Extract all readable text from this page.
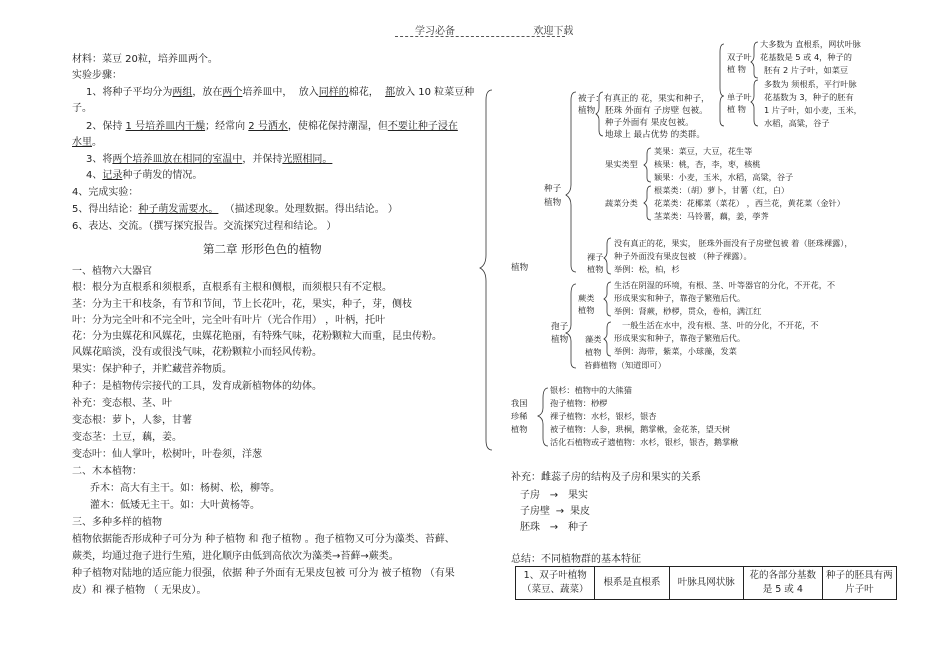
学习必备	欢迎下载
材料：菜豆 20粒，培养皿两个。
实验步骤：
1、将种子平均分为两组，放在两个培养皿中， 放入同样的棉花， 都放入 10 粒菜豆种
子。
2、保持 1 号培养皿内干燥；经常向 2 号洒水，使棉花保持潮湿，但不要让种子浸在
水里。
3、将两个培养皿放在相同的室温中，并保持光照相同。
4、记录种子萌发的情况。
4、完成实验：
5、得出结论：种子萌发需要水。 （描述现象。处理数据。得出结论。 ）
6、表达、交流。（撰写探究报告。交流探究过程和结论。 ）
第二章 形形色色的植物
一、植物六大器官
根：根分为直根系和须根系，直根系有主根和侧根，而须根只有不定根。
茎：分为主干和枝条，有节和节间，节上长花叶，花，果实，种子，芽，侧枝
叶：分为完全叶和不完全叶，完全叶有叶片（光合作用） ，叶柄，托叶
花：分为虫媒花和风媒花，虫媒花艳丽，有特殊气味，花粉颗粒大而重，昆虫传粉。
风媒花暗淡，没有或很浅气味，花粉颗粒小而轻风传粉。
果实：保护种子，并贮藏营养物质。
种子：是植物传宗接代的工具，发育成新植物体的幼体。
补充：变态根、茎、叶
变态根：萝卜，人参，甘薯
变态茎：土豆，藕，姜。
变态叶：仙人掌叶，松树叶，叶卷须，洋葱
二、木本植物：
乔木：高大有主干。如：杨树、松，柳等。
灌木：低矮无主干。如：大叶黄杨等。
三、多种多样的植物
植物依据能否形成种子可分为 种子植物 和 孢子植物 。孢子植物又可分为藻类、苔藓、
蕨类，均通过孢子进行生殖，进化顺序由低到高依次为藻类→苔藓→蕨类。
种子植物对陆地的适应能力很强，依据 种子外面有无果皮包被 可分为 被子植物 （有果
皮）和 裸子植物 （ 无果皮）。
植物
种子
植物
被子：有真正的 花，果实和种子，
植物 胚珠 外面有 子房壁 包被。
种子外面有 果皮包被。
地球上 最占优势 的类群。
双子叶
植 物
大多数为 直根系，网状叶脉
花基数是 5 或 4，种子的
胚有 2 片子叶，如菜豆
单子叶
植 物
多数为 须根系，平行叶脉
花基数为 3，种子的胚有
1 片子叶，如小麦，玉米，
水稻，高粱，谷子
果实类型
荚果：菜豆，大豆，花生等
核果：桃，杏，李，枣，核桃
颖果：小麦，玉米，水稻，高粱，谷子
蔬菜分类
根菜类：（胡）萝卜，甘薯（红，白）
花菜类：花椰菜（菜花） ，西兰花，黄花菜（金针）
茎菜类：马铃薯，藕，姜，荸荠
裸子
植物
没有真正的花，果实， 胚珠外面没有子房壁包被 着（胚珠裸露），
种子外面没有果皮包被 （种子裸露）。
举例：松，柏，杉
蕨类
植物
生活在阴湿的环境，有根、茎、叶等器官的分化，不开花，不
形成果实和种子，靠孢子繁殖后代。
举例：肾蕨，桫椤，贯众，卷柏，满江红
孢子
植物 藻类
植物
一般生活在水中，没有根、茎、叶的分化，不开花，不
形成果实和种子，靠孢子繁殖后代。
举例：海带，紫菜，小球藻，发菜
苔藓植物（知道即可）
我国
珍稀
植物
银杉：植物中的大熊猫
孢子植物：桫椤
裸子植物：水杉，银杉，银杏
被子植物：人参，珙桐，鹅掌楸，金花茶，望天树
活化石植物或孑遗植物：水杉，银杉，银杏，鹅掌楸
补充：雌蕊子房的结构及子房和果实的关系
子房 → 果实
子房壁 → 果皮
胚珠 → 种子
总结：不同植物群的基本特征
1、双子叶植物（菜豆、蔬菜）	根系是直根系	叶脉具网状脉	花的各部分基数是 5 或 4	种子的胚具有两片子叶
